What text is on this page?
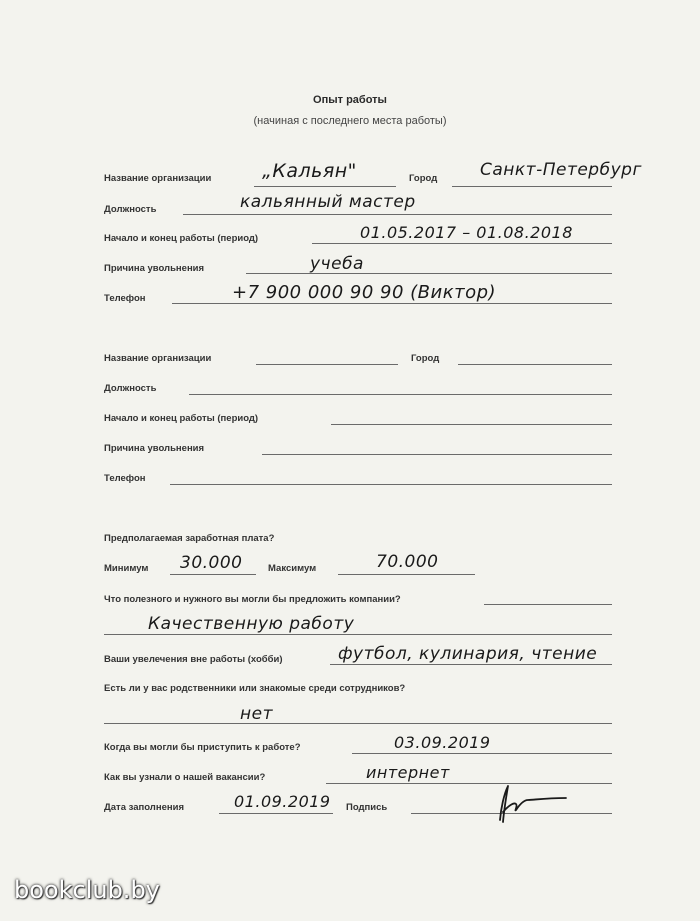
Опыт работы
(начиная с последнего места работы)
Название организации	„Кальян"	Город	Санкт-Петербург
Должность	кальянный мастер
Начало и конец работы (период)	01.05.2017 – 01.08.2018
Причина увольнения	учеба
Телефон	+7 900 000 90 90 (Виктор)
Название организации	Город
Должность
Начало и конец работы (период)
Причина увольнения
Телефон
Предполагаемая заработная плата?
Минимум 30.000	Максимум	70.000
Что полезного и нужного вы могли бы предложить компании?
Качественную работу
Ваши увелечения вне работы (хобби)	футбол, кулинария, чтение
Есть ли у вас родственники или знакомые среди сотрудников?
нет
Когда вы могли бы приступить к работе?	03.09.2019
Как вы узнали о нашей вакансии?	интернет
Дата заполнения	01.09.2019 Подпись
bookclub.by
